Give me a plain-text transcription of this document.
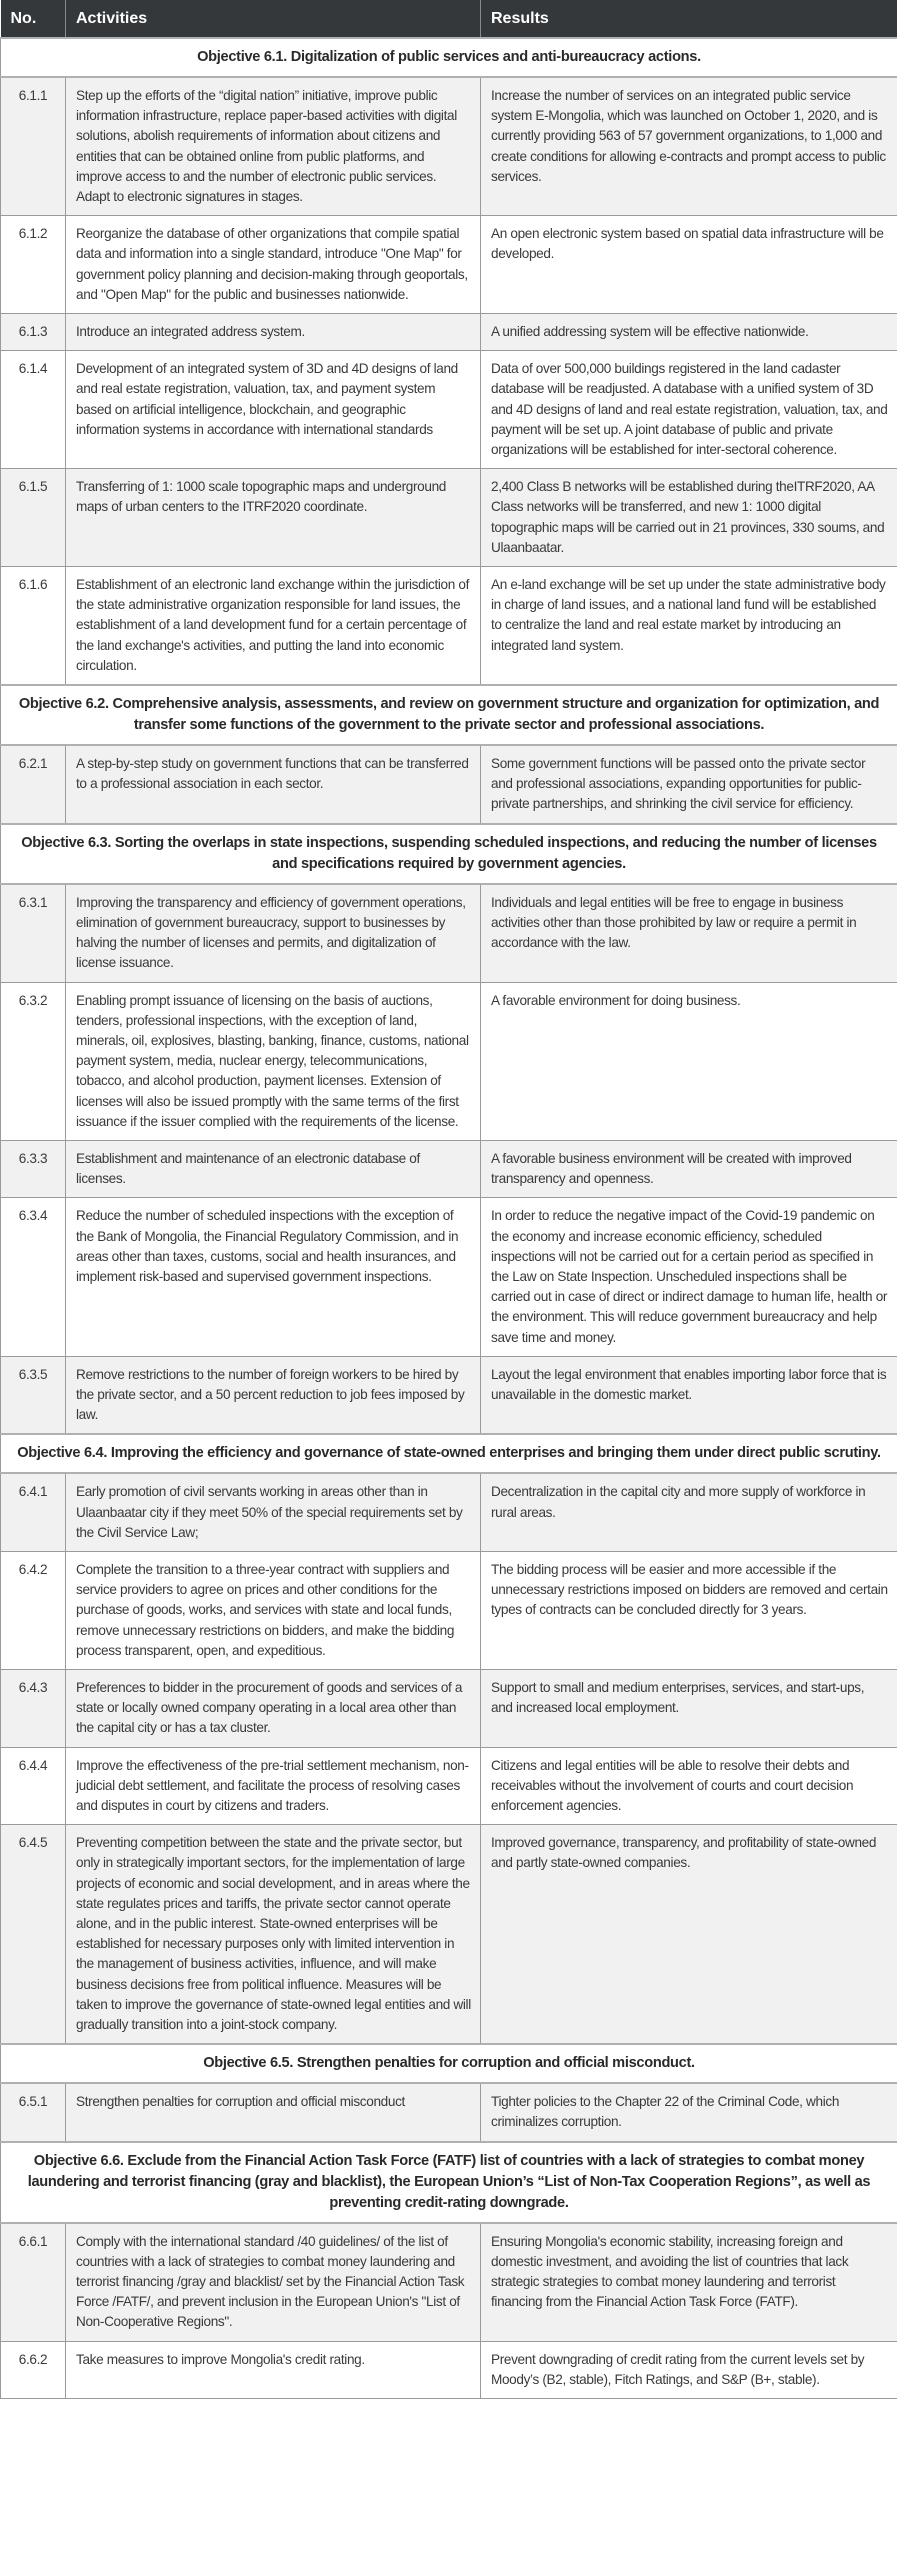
No.	Activities	Results
Objective 6.1. Digitalization of public services and anti-bureaucracy actions.		
6.1.1	Step up the efforts of the “digital nation” initiative, improve public information infrastructure, replace paper-based activities with digital solutions, abolish requirements of information about citizens and entities that can be obtained online from public platforms, and improve access to and the number of electronic public services. Adapt to electronic signatures in stages.	Increase the number of services on an integrated public service system E-Mongolia, which was launched on October 1, 2020, and is currently providing 563 of 57 government organizations, to 1,000 and create conditions for allowing e-contracts and prompt access to public services.
6.1.2	Reorganize the database of other organizations that compile spatial data and information into a single standard, introduce "One Map" for government policy planning and decision-making through geoportals, and "Open Map" for the public and businesses nationwide.	An open electronic system based on spatial data infrastructure will be developed.
6.1.3	Introduce an integrated address system.	A unified addressing system will be effective nationwide.
6.1.4	Development of an integrated system of 3D and 4D designs of land and real estate registration, valuation, tax, and payment system based on artificial intelligence, blockchain, and geographic information systems in accordance with international standards	Data of over 500,000 buildings registered in the land cadaster database will be readjusted. A database with a unified system of 3D and 4D designs of land and real estate registration, valuation, tax, and payment will be set up. A joint database of public and private organizations will be established for inter-sectoral coherence.
6.1.5	Transferring of 1: 1000 scale topographic maps and underground maps of urban centers to the ITRF2020 coordinate.	2,400 Class B networks will be established during theITRF2020, AA Class networks will be transferred, and new 1: 1000 digital topographic maps will be carried out in 21 provinces, 330 soums, and Ulaanbaatar.
6.1.6	Establishment of an electronic land exchange within the jurisdiction of the state administrative organization responsible for land issues, the establishment of a land development fund for a certain percentage of the land exchange's activities, and putting the land into economic circulation.	An e-land exchange will be set up under the state administrative body in charge of land issues, and a national land fund will be established to centralize the land and real estate market by introducing an integrated land system.
Objective 6.2. Comprehensive analysis, assessments, and review on government structure and organization for optimization, and transfer some functions of the government to the private sector and professional associations.		
6.2.1	A step-by-step study on government functions that can be transferred to a professional association in each sector.	Some government functions will be passed onto the private sector and professional associations, expanding opportunities for public-private partnerships, and shrinking the civil service for efficiency.
Objective 6.3. Sorting the overlaps in state inspections, suspending scheduled inspections, and reducing the number of licenses and specifications required by government agencies.		
6.3.1	Improving the transparency and efficiency of government operations, elimination of government bureaucracy, support to businesses by halving the number of licenses and permits, and digitalization of license issuance.	Individuals and legal entities will be free to engage in business activities other than those prohibited by law or require a permit in accordance with the law.
6.3.2	Enabling prompt issuance of licensing on the basis of auctions, tenders, professional inspections, with the exception of land, minerals, oil, explosives, blasting, banking, finance, customs, national payment system, media, nuclear energy, telecommunications, tobacco, and alcohol production, payment licenses. Extension of licenses will also be issued promptly with the same terms of the first issuance if the issuer complied with the requirements of the license.	A favorable environment for doing business.
6.3.3	Establishment and maintenance of an electronic database of licenses.	A favorable business environment will be created with improved transparency and openness.
6.3.4	Reduce the number of scheduled inspections with the exception of the Bank of Mongolia, the Financial Regulatory Commission, and in areas other than taxes, customs, social and health insurances, and implement risk-based and supervised government inspections.	In order to reduce the negative impact of the Covid-19 pandemic on the economy and increase economic efficiency, scheduled inspections will not be carried out for a certain period as specified in the Law on State Inspection. Unscheduled inspections shall be carried out in case of direct or indirect damage to human life, health or the environment. This will reduce government bureaucracy and help save time and money.
6.3.5	Remove restrictions to the number of foreign workers to be hired by the private sector, and a 50 percent reduction to job fees imposed by law.	Layout the legal environment that enables importing labor force that is unavailable in the domestic market.
Objective 6.4. Improving the efficiency and governance of state-owned enterprises and bringing them under direct public scrutiny.		
6.4.1	Early promotion of civil servants working in areas other than in Ulaanbaatar city if they meet 50% of the special requirements set by the Civil Service Law;	Decentralization in the capital city and more supply of workforce in rural areas.
6.4.2	Complete the transition to a three-year contract with suppliers and service providers to agree on prices and other conditions for the purchase of goods, works, and services with state and local funds, remove unnecessary restrictions on bidders, and make the bidding process transparent, open, and expeditious.	The bidding process will be easier and more accessible if the unnecessary restrictions imposed on bidders are removed and certain types of contracts can be concluded directly for 3 years.
6.4.3	Preferences to bidder in the procurement of goods and services of a state or locally owned company operating in a local area other than the capital city or has a tax cluster.	Support to small and medium enterprises, services, and start-ups, and increased local employment.
6.4.4	Improve the effectiveness of the pre-trial settlement mechanism, non-judicial debt settlement, and facilitate the process of resolving cases and disputes in court by citizens and traders.	Citizens and legal entities will be able to resolve their debts and receivables without the involvement of courts and court decision enforcement agencies.
6.4.5	Preventing competition between the state and the private sector, but only in strategically important sectors, for the implementation of large projects of economic and social development, and in areas where the state regulates prices and tariffs, the private sector cannot operate alone, and in the public interest. State-owned enterprises will be established for necessary purposes only with limited intervention in the management of business activities, influence, and will make business decisions free from political influence. Measures will be taken to improve the governance of state-owned legal entities and will gradually transition into a joint-stock company.	Improved governance, transparency, and profitability of state-owned and partly state-owned companies.
Objective 6.5. Strengthen penalties for corruption and official misconduct.		
6.5.1	Strengthen penalties for corruption and official misconduct	Tighter policies to the Chapter 22 of the Criminal Code, which criminalizes corruption.
Objective 6.6. Exclude from the Financial Action Task Force (FATF) list of countries with a lack of strategies to combat money laundering and terrorist financing (gray and blacklist), the European Union’s “List of Non-Tax Cooperation Regions”, as well as preventing credit-rating downgrade.		
6.6.1	Comply with the international standard /40 guidelines/ of the list of countries with a lack of strategies to combat money laundering and terrorist financing /gray and blacklist/ set by the Financial Action Task Force /FATF/, and prevent inclusion in the European Union's "List of Non-Cooperative Regions".	Ensuring Mongolia's economic stability, increasing foreign and domestic investment, and avoiding the list of countries that lack strategic strategies to combat money laundering and terrorist financing from the Financial Action Task Force (FATF).
6.6.2	Take measures to improve Mongolia's credit rating.	Prevent downgrading of credit rating from the current levels set by Moody’s (B2, stable), Fitch Ratings, and S&P (B+, stable).
